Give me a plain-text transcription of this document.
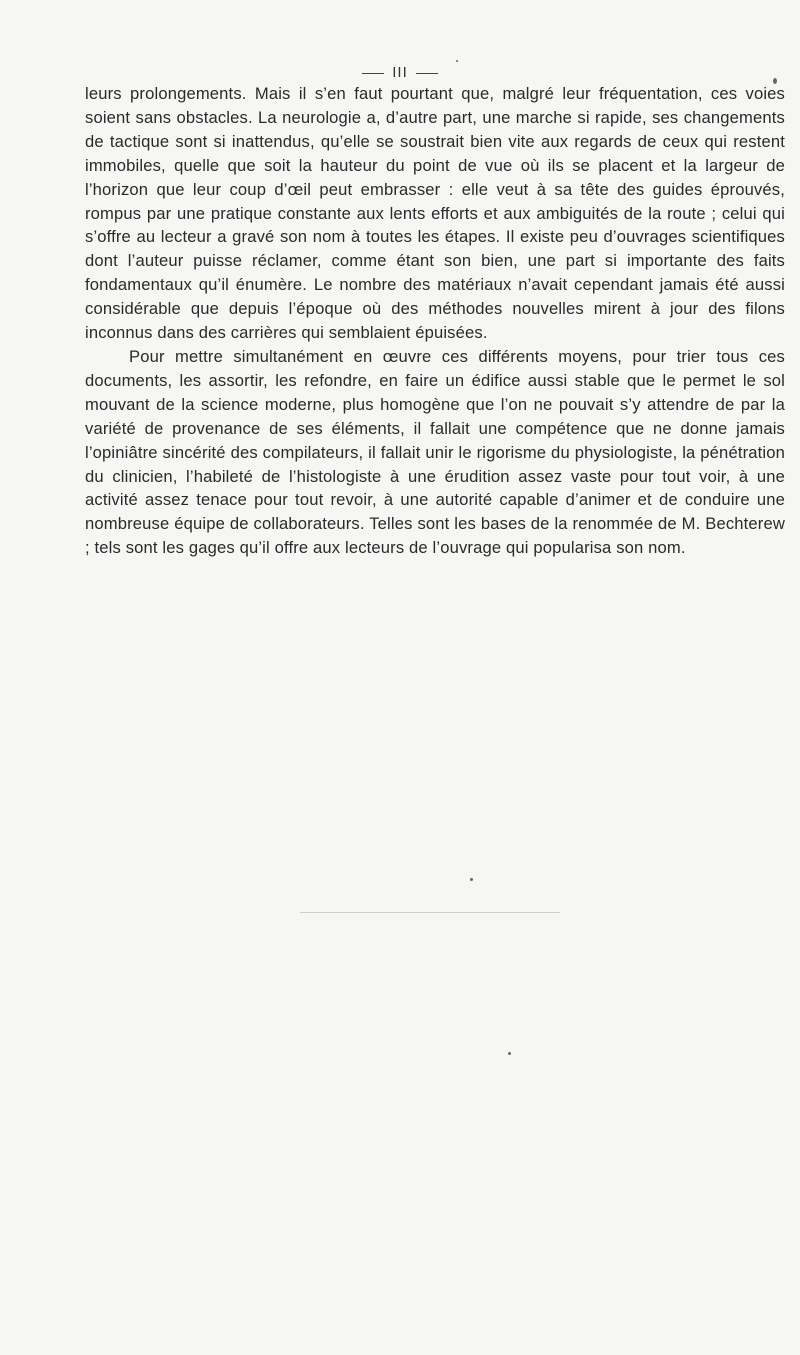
III

leurs prolongements. Mais il s’en faut pourtant que, malgré leur fréquentation, ces voies soient sans obstacles. La neurologie a, d’autre part, une marche si rapide, ses changements de tactique sont si inattendus, qu’elle se soustrait bien vite aux regards de ceux qui restent immobiles, quelle que soit la hauteur du point de vue où ils se placent et la largeur de l’horizon que leur coup d’œil peut embrasser : elle veut à sa tête des guides éprouvés, rompus par une pratique constante aux lents efforts et aux ambiguités de la route ; celui qui s’offre au lecteur a gravé son nom à toutes les étapes. Il existe peu d’ouvrages scientifiques dont l’auteur puisse réclamer, comme étant son bien, une part si importante des faits fondamentaux qu’il énumère. Le nombre des matériaux n’avait cependant jamais été aussi considérable que depuis l’époque où des méthodes nouvelles mirent à jour des filons inconnus dans des carrières qui semblaient épuisées.

Pour mettre simultanément en œuvre ces différents moyens, pour trier tous ces documents, les assortir, les refondre, en faire un édifice aussi stable que le permet le sol mouvant de la science moderne, plus homogène que l’on ne pouvait s’y attendre de par la variété de provenance de ses éléments, il fallait une compétence que ne donne jamais l’opiniâtre sincérité des compilateurs, il fallait unir le rigorisme du physiologiste, la pénétration du clinicien, l’habileté de l’histologiste à une érudition assez vaste pour tout voir, à une activité assez tenace pour tout revoir, à une autorité capable d’animer et de conduire une nombreuse équipe de collaborateurs. Telles sont les bases de la renommée de M. Bechterew ; tels sont les gages qu’il offre aux lecteurs de l’ouvrage qui popularisa son nom.
